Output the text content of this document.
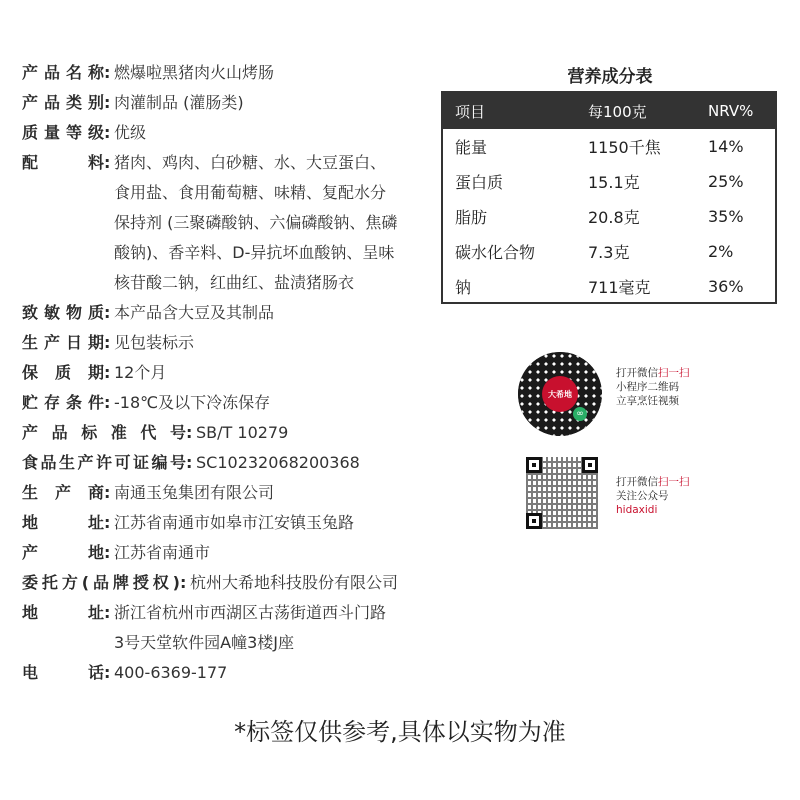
产品名称 : 燃爆啦黑猪肉火山烤肠
产品类别 : 肉灌制品 (灌肠类)
质量等级 : 优级
配料 : 猪肉、鸡肉、白砂糖、水、大豆蛋白、
食用盐、食用葡萄糖、味精、复配水分
保持剂 (三聚磷酸钠、六偏磷酸钠、焦磷
酸钠)、香辛料、D-异抗坏血酸钠、呈味
核苷酸二钠，红曲红、盐渍猪肠衣
致敏物质 : 本产品含大豆及其制品
生产日期 : 见包装标示
保质期 : 12个月
贮存条件 : -18℃及以下冷冻保存
产品标准代号 : SB/T 10279
食品生产许可证编号 : SC10232068200368
生产商 : 南通玉兔集团有限公司
地址 : 江苏省南通市如皋市江安镇玉兔路
产地 : 江苏省南通市
委托方(品牌授权) : 杭州大希地科技股份有限公司
地址 : 浙江省杭州市西湖区古荡街道西斗门路
3号天堂软件园A幢3楼J座
电话 : 400-6369-177
营养成分表
项目	每100克	NRV%
能量	1150千焦	14%
蛋白质	15.1克	25%
脂肪	20.8克	35%
碳水化合物	7.3克	2%
钠	711毫克	36%
大希地
∞
打开微信扫一扫
小程序二维码
立享烹饪视频
打开微信扫一扫
关注公众号
hidaxidi
*标签仅供参考,具体以实物为准
